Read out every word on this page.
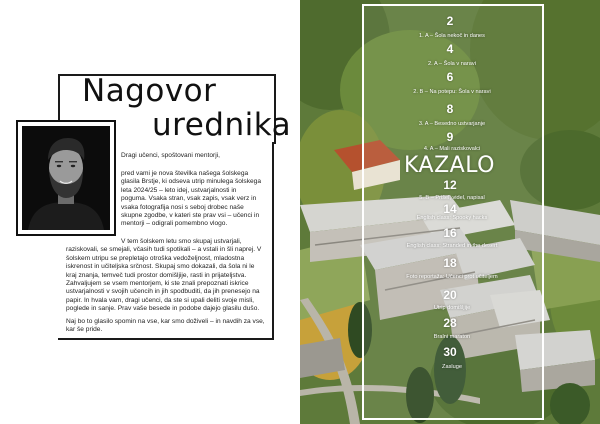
Nagovor
urednika
Dragi učenci, spoštovani mentorji,
pred vami je nova številka našega šolskega
glasila Brstje, ki odseva utrip minulega šolskega
leta 2024/25 – leto idej, ustvarjalnosti in
poguma. Vsaka stran, vsak zapis, vsak verz in
vsaka fotografija nosi s seboj drobec naše
skupne zgodbe, v kateri ste prav vsi – učenci in
mentorji – odigrali pomembno vlogo.
V tem šolskem letu smo skupaj ustvarjali,
raziskovali, se smejali, včasih tudi spotikali – a vstali in šli naprej. V
šolskem utripu se prepletajo otroška vedoželjnost, mladostna
iskrenost in učiteljska srčnost. Skupaj smo dokazali, da šola ni le
kraj znanja, temveč tudi prostor domišljije, rasti in prijateljstva.
Zahvaljujem se vsem mentorjem, ki ste znali prepoznati iskrice
ustvarjalnosti v svojih učencih in jih spodbuditi, da jih prenesejo na
papir. In hvala vam, dragi učenci, da ste si upali deliti svoje misli,
poglede in sanje. Prav vaše besede in podobe dajejo glasilu dušo.
Naj bo to glasilo spomin na vse, kar smo doživeli – in navdih za vse,
kar še pride.
KAZALO
2
1. A – Šola nekoč in danes
4
2. A – Šola v naravi
6
2. B – Na potepu: Šola v naravi
8
3. A – Besedno ustvarjanje
9
4. A – Mali raziskovalci
12
5. B – Prišel, videl, napisal
14
English class: Spooky hacks
16
English class: Stranded in the desert
18
Foto reportaža: Učenci prot učiteljem
20
Utrip domišljije
28
Bralni maraton
30
Zasluge
